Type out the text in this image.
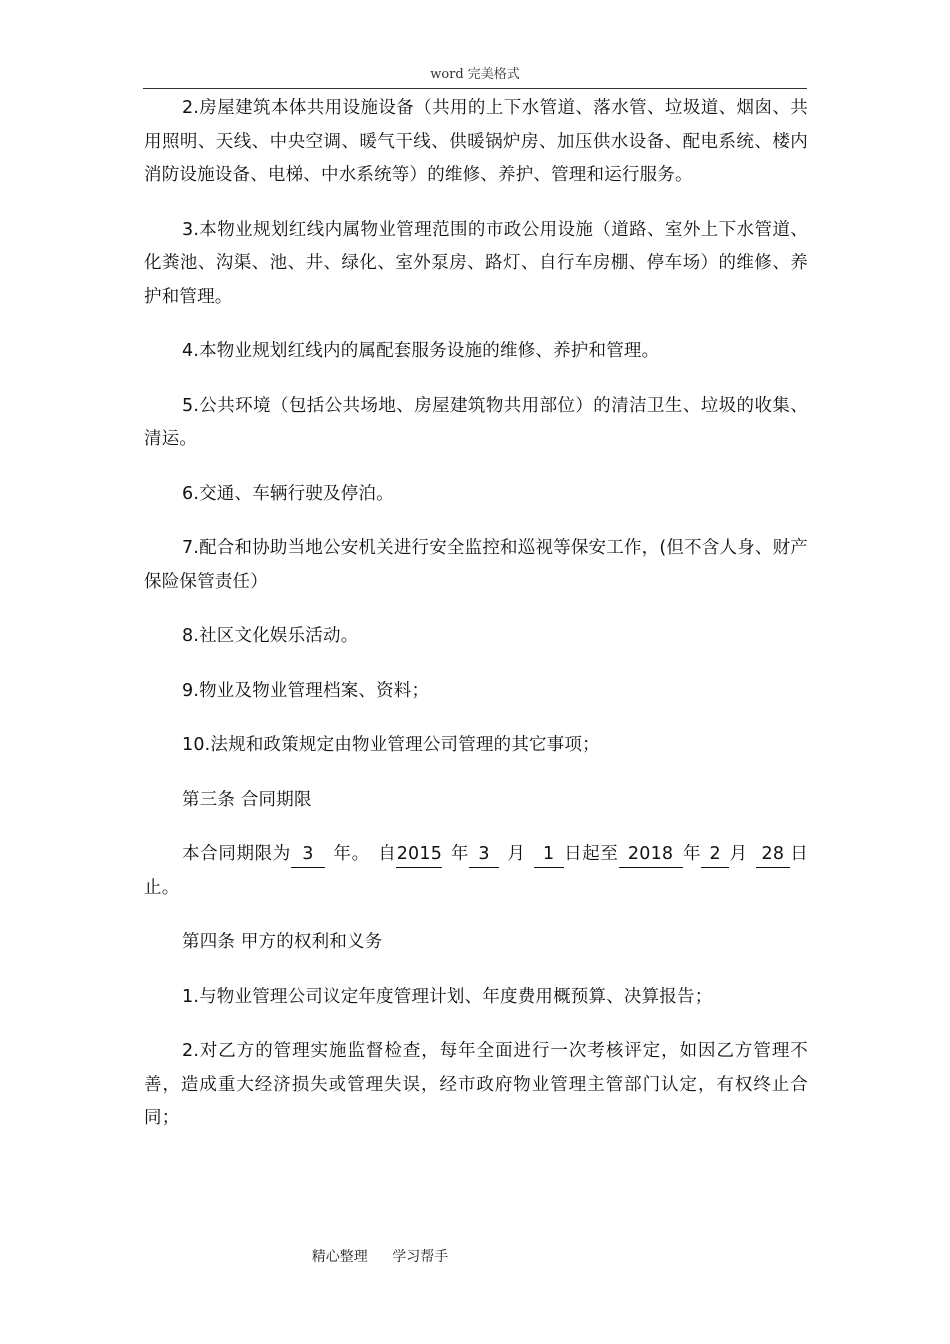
word 完美格式

2.房屋建筑本体共用设施设备（共用的上下水管道、落水管、垃圾道、烟囱、共用照明、天线、中央空调、暖气干线、供暖锅炉房、加压供水设备、配电系统、楼内消防设施设备、电梯、中水系统等）的维修、养护、管理和运行服务。

3.本物业规划红线内属物业管理范围的市政公用设施（道路、室外上下水管道、化粪池、沟渠、池、井、绿化、室外泵房、路灯、自行车房棚、停车场）的维修、养护和管理。

4.本物业规划红线内的属配套服务设施的维修、养护和管理。

5.公共环境（包括公共场地、房屋建筑物共用部位）的清洁卫生、垃圾的收集、清运。

6.交通、车辆行驶及停泊。

7.配合和协助当地公安机关进行安全监控和巡视等保安工作，(但不含人身、财产保险保管责任）

8.社区文化娱乐活动。

9.物业及物业管理档案、资料；

10.法规和政策规定由物业管理公司管理的其它事项；

第三条 合同期限

本合同期限为 3 年。 自2015 年 3 月 1 日起至 2018 年 2 月 28 日止。

第四条 甲方的权利和义务

1.与物业管理公司议定年度管理计划、年度费用概预算、决算报告；

2.对乙方的管理实施监督检查，每年全面进行一次考核评定，如因乙方管理不善，造成重大经济损失或管理失误，经市政府物业管理主管部门认定，有权终止合同；

精心整理 学习帮手
